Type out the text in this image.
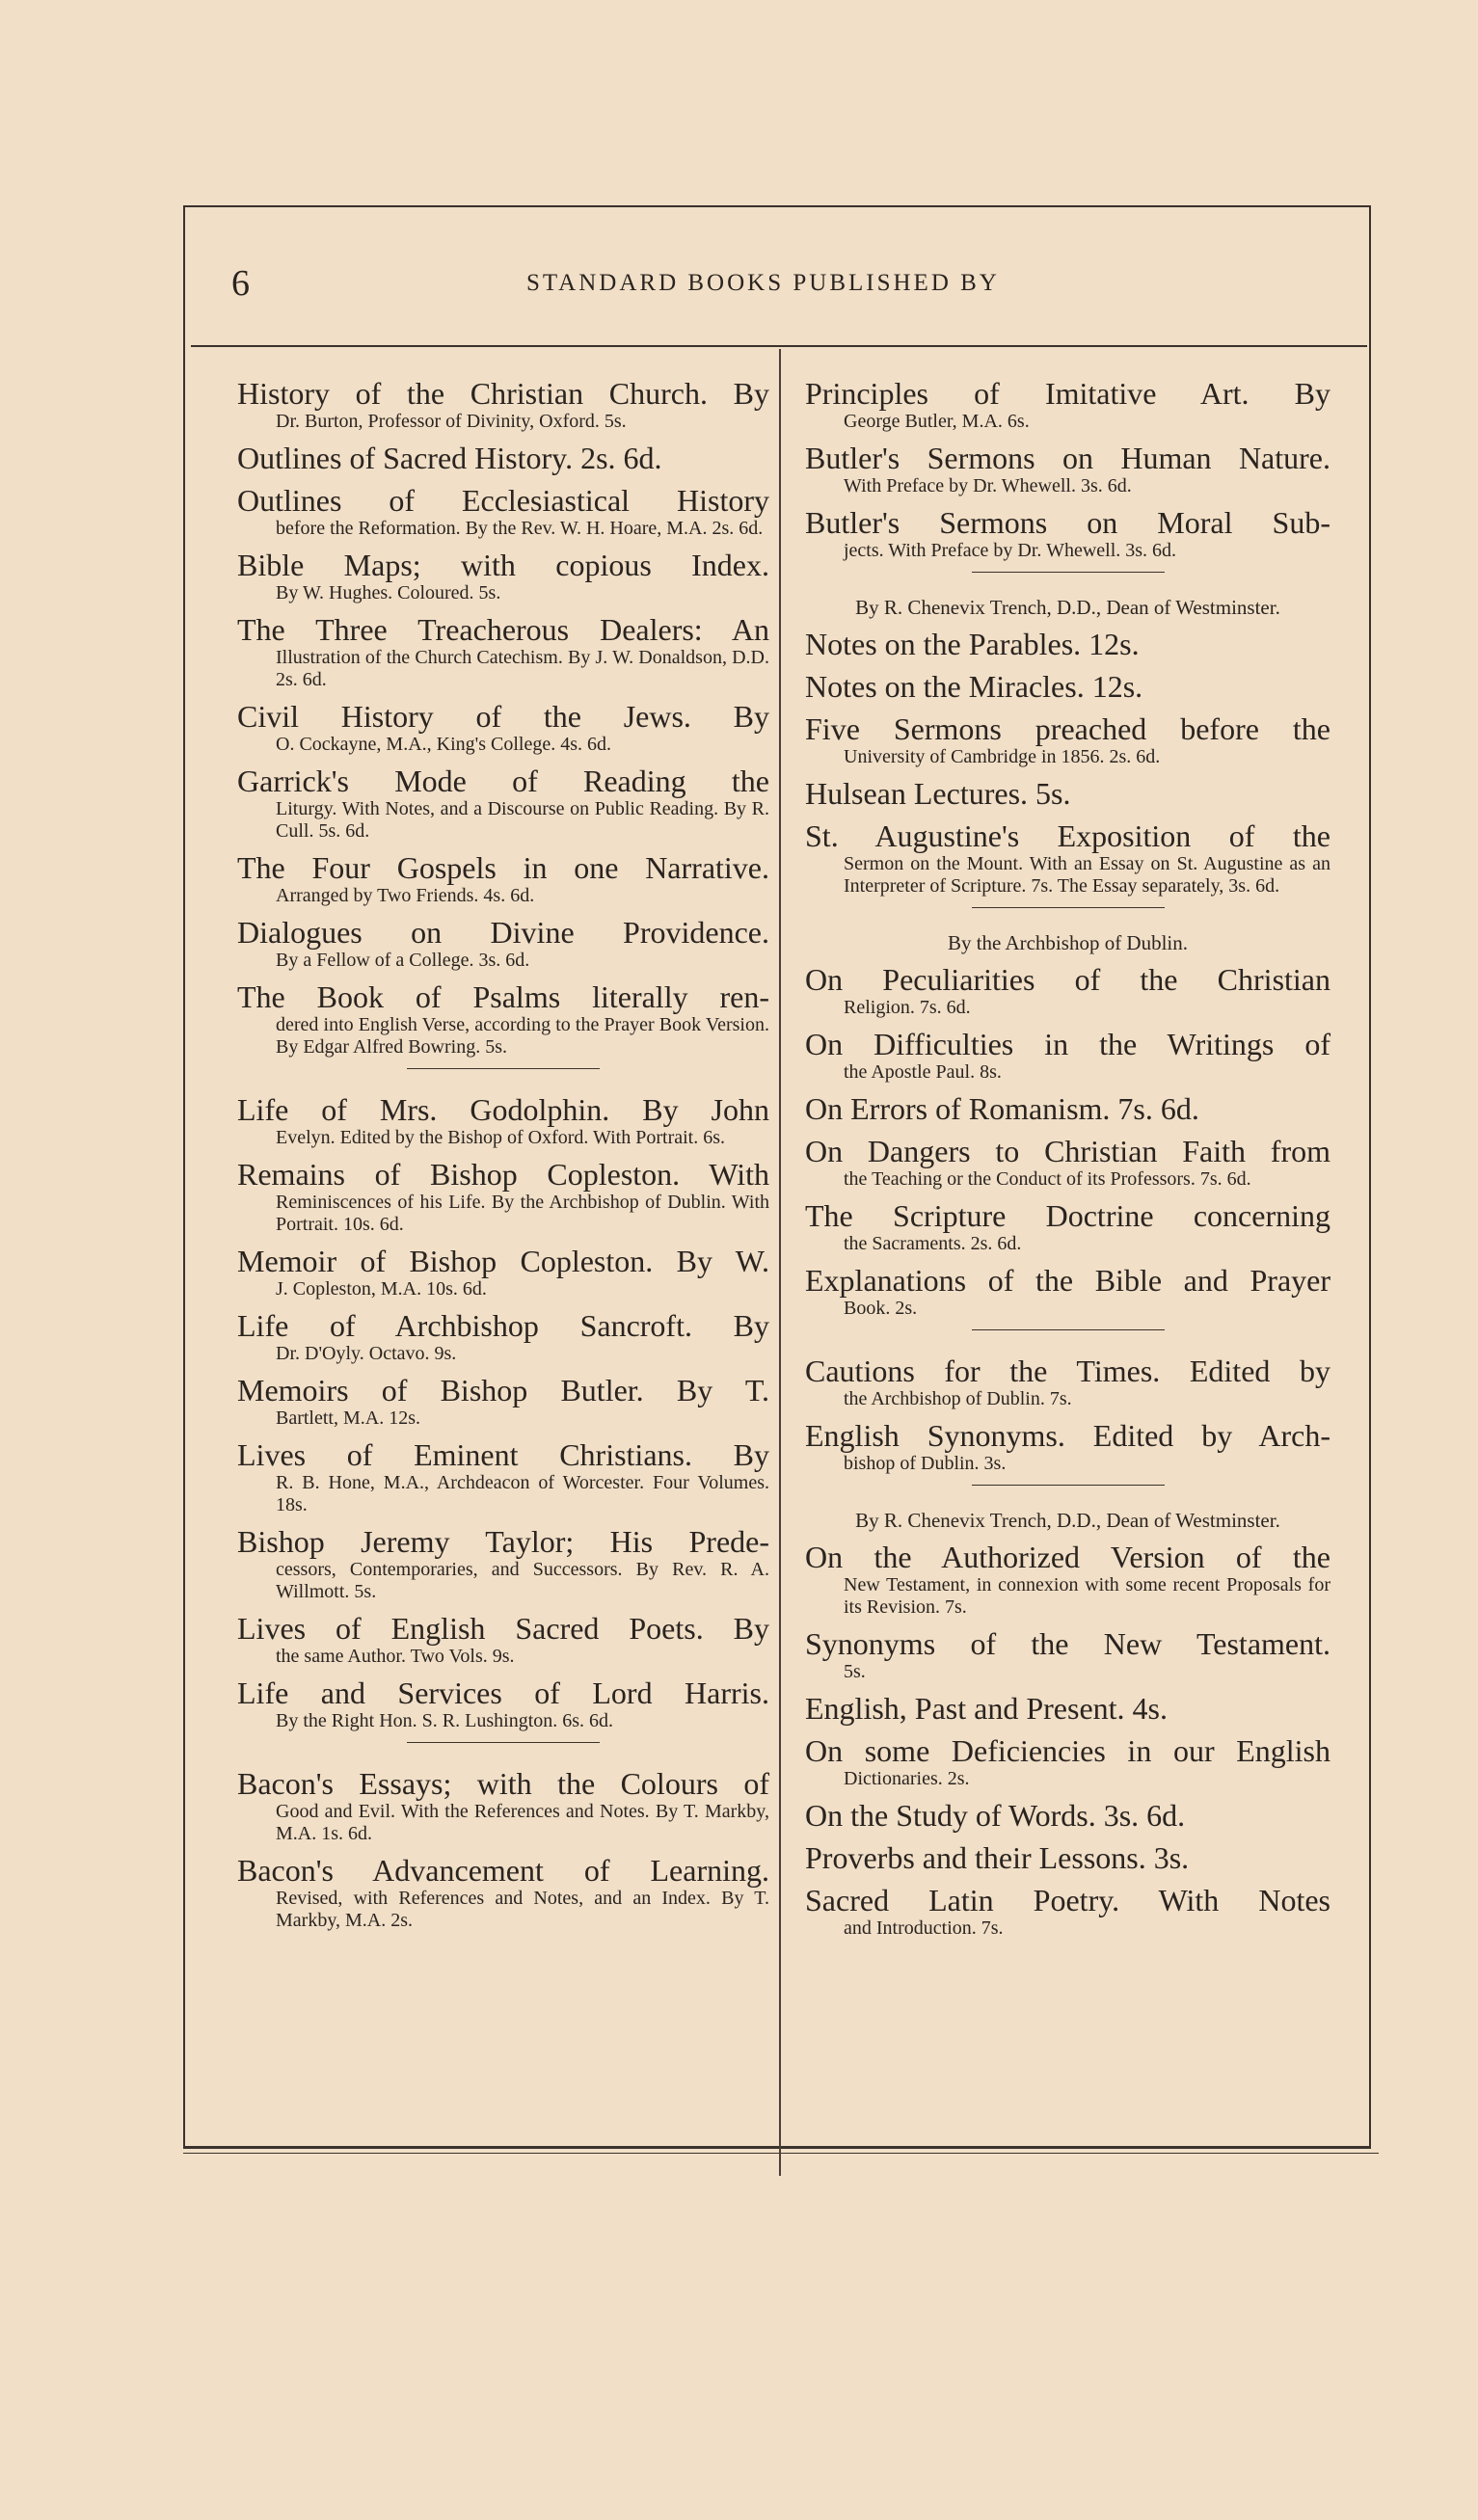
6	STANDARD BOOKS PUBLISHED BY
History of the Christian Church. By
Dr. Burton, Professor of Divinity, Oxford. 5s.
Outlines of Sacred History. 2s. 6d.
Outlines of Ecclesiastical History
before the Reformation. By the Rev. W. H. Hoare, M.A. 2s. 6d.
Bible Maps; with copious Index.
By W. Hughes. Coloured. 5s.
The Three Treacherous Dealers: An
Illustration of the Church Catechism. By J. W. Donaldson, D.D. 2s. 6d.
Civil History of the Jews. By
O. Cockayne, M.A., King's College. 4s. 6d.
Garrick's Mode of Reading the
Liturgy. With Notes, and a Discourse on Public Reading. By R. Cull. 5s. 6d.
The Four Gospels in one Narrative.
Arranged by Two Friends. 4s. 6d.
Dialogues on Divine Providence.
By a Fellow of a College. 3s. 6d.
The Book of Psalms literally ren-
dered into English Verse, according to the Prayer Book Version. By Edgar Alfred Bowring. 5s.
Life of Mrs. Godolphin. By John
Evelyn. Edited by the Bishop of Oxford. With Portrait. 6s.
Remains of Bishop Copleston. With
Reminiscences of his Life. By the Archbishop of Dublin. With Portrait. 10s. 6d.
Memoir of Bishop Copleston. By W.
J. Copleston, M.A. 10s. 6d.
Life of Archbishop Sancroft. By
Dr. D'Oyly. Octavo. 9s.
Memoirs of Bishop Butler. By T.
Bartlett, M.A. 12s.
Lives of Eminent Christians. By
R. B. Hone, M.A., Archdeacon of Worcester. Four Volumes. 18s.
Bishop Jeremy Taylor; His Prede-
cessors, Contemporaries, and Successors. By Rev. R. A. Willmott. 5s.
Lives of English Sacred Poets. By
the same Author. Two Vols. 9s.
Life and Services of Lord Harris.
By the Right Hon. S. R. Lushington. 6s. 6d.
Bacon's Essays; with the Colours of
Good and Evil. With the References and Notes. By T. Markby, M.A. 1s. 6d.
Bacon's Advancement of Learning.
Revised, with References and Notes, and an Index. By T. Markby, M.A. 2s.
Principles of Imitative Art. By
George Butler, M.A. 6s.
Butler's Sermons on Human Nature.
With Preface by Dr. Whewell. 3s. 6d.
Butler's Sermons on Moral Sub-
jects. With Preface by Dr. Whewell. 3s. 6d.
By R. Chenevix Trench, D.D., Dean of Westminster.
Notes on the Parables. 12s.
Notes on the Miracles. 12s.
Five Sermons preached before the
University of Cambridge in 1856. 2s. 6d.
Hulsean Lectures. 5s.
St. Augustine's Exposition of the
Sermon on the Mount. With an Essay on St. Augustine as an Interpreter of Scripture. 7s. The Essay separately, 3s. 6d.
By the Archbishop of Dublin.
On Peculiarities of the Christian
Religion. 7s. 6d.
On Difficulties in the Writings of
the Apostle Paul. 8s.
On Errors of Romanism. 7s. 6d.
On Dangers to Christian Faith from
the Teaching or the Conduct of its Professors. 7s. 6d.
The Scripture Doctrine concerning
the Sacraments. 2s. 6d.
Explanations of the Bible and Prayer
Book. 2s.
Cautions for the Times. Edited by
the Archbishop of Dublin. 7s.
English Synonyms. Edited by Arch-
bishop of Dublin. 3s.
By R. Chenevix Trench, D.D., Dean of Westminster.
On the Authorized Version of the
New Testament, in connexion with some recent Proposals for its Revision. 7s.
Synonyms of the New Testament.
5s.
English, Past and Present. 4s.
On some Deficiencies in our English
Dictionaries. 2s.
On the Study of Words. 3s. 6d.
Proverbs and their Lessons. 3s.
Sacred Latin Poetry. With Notes
and Introduction. 7s.
